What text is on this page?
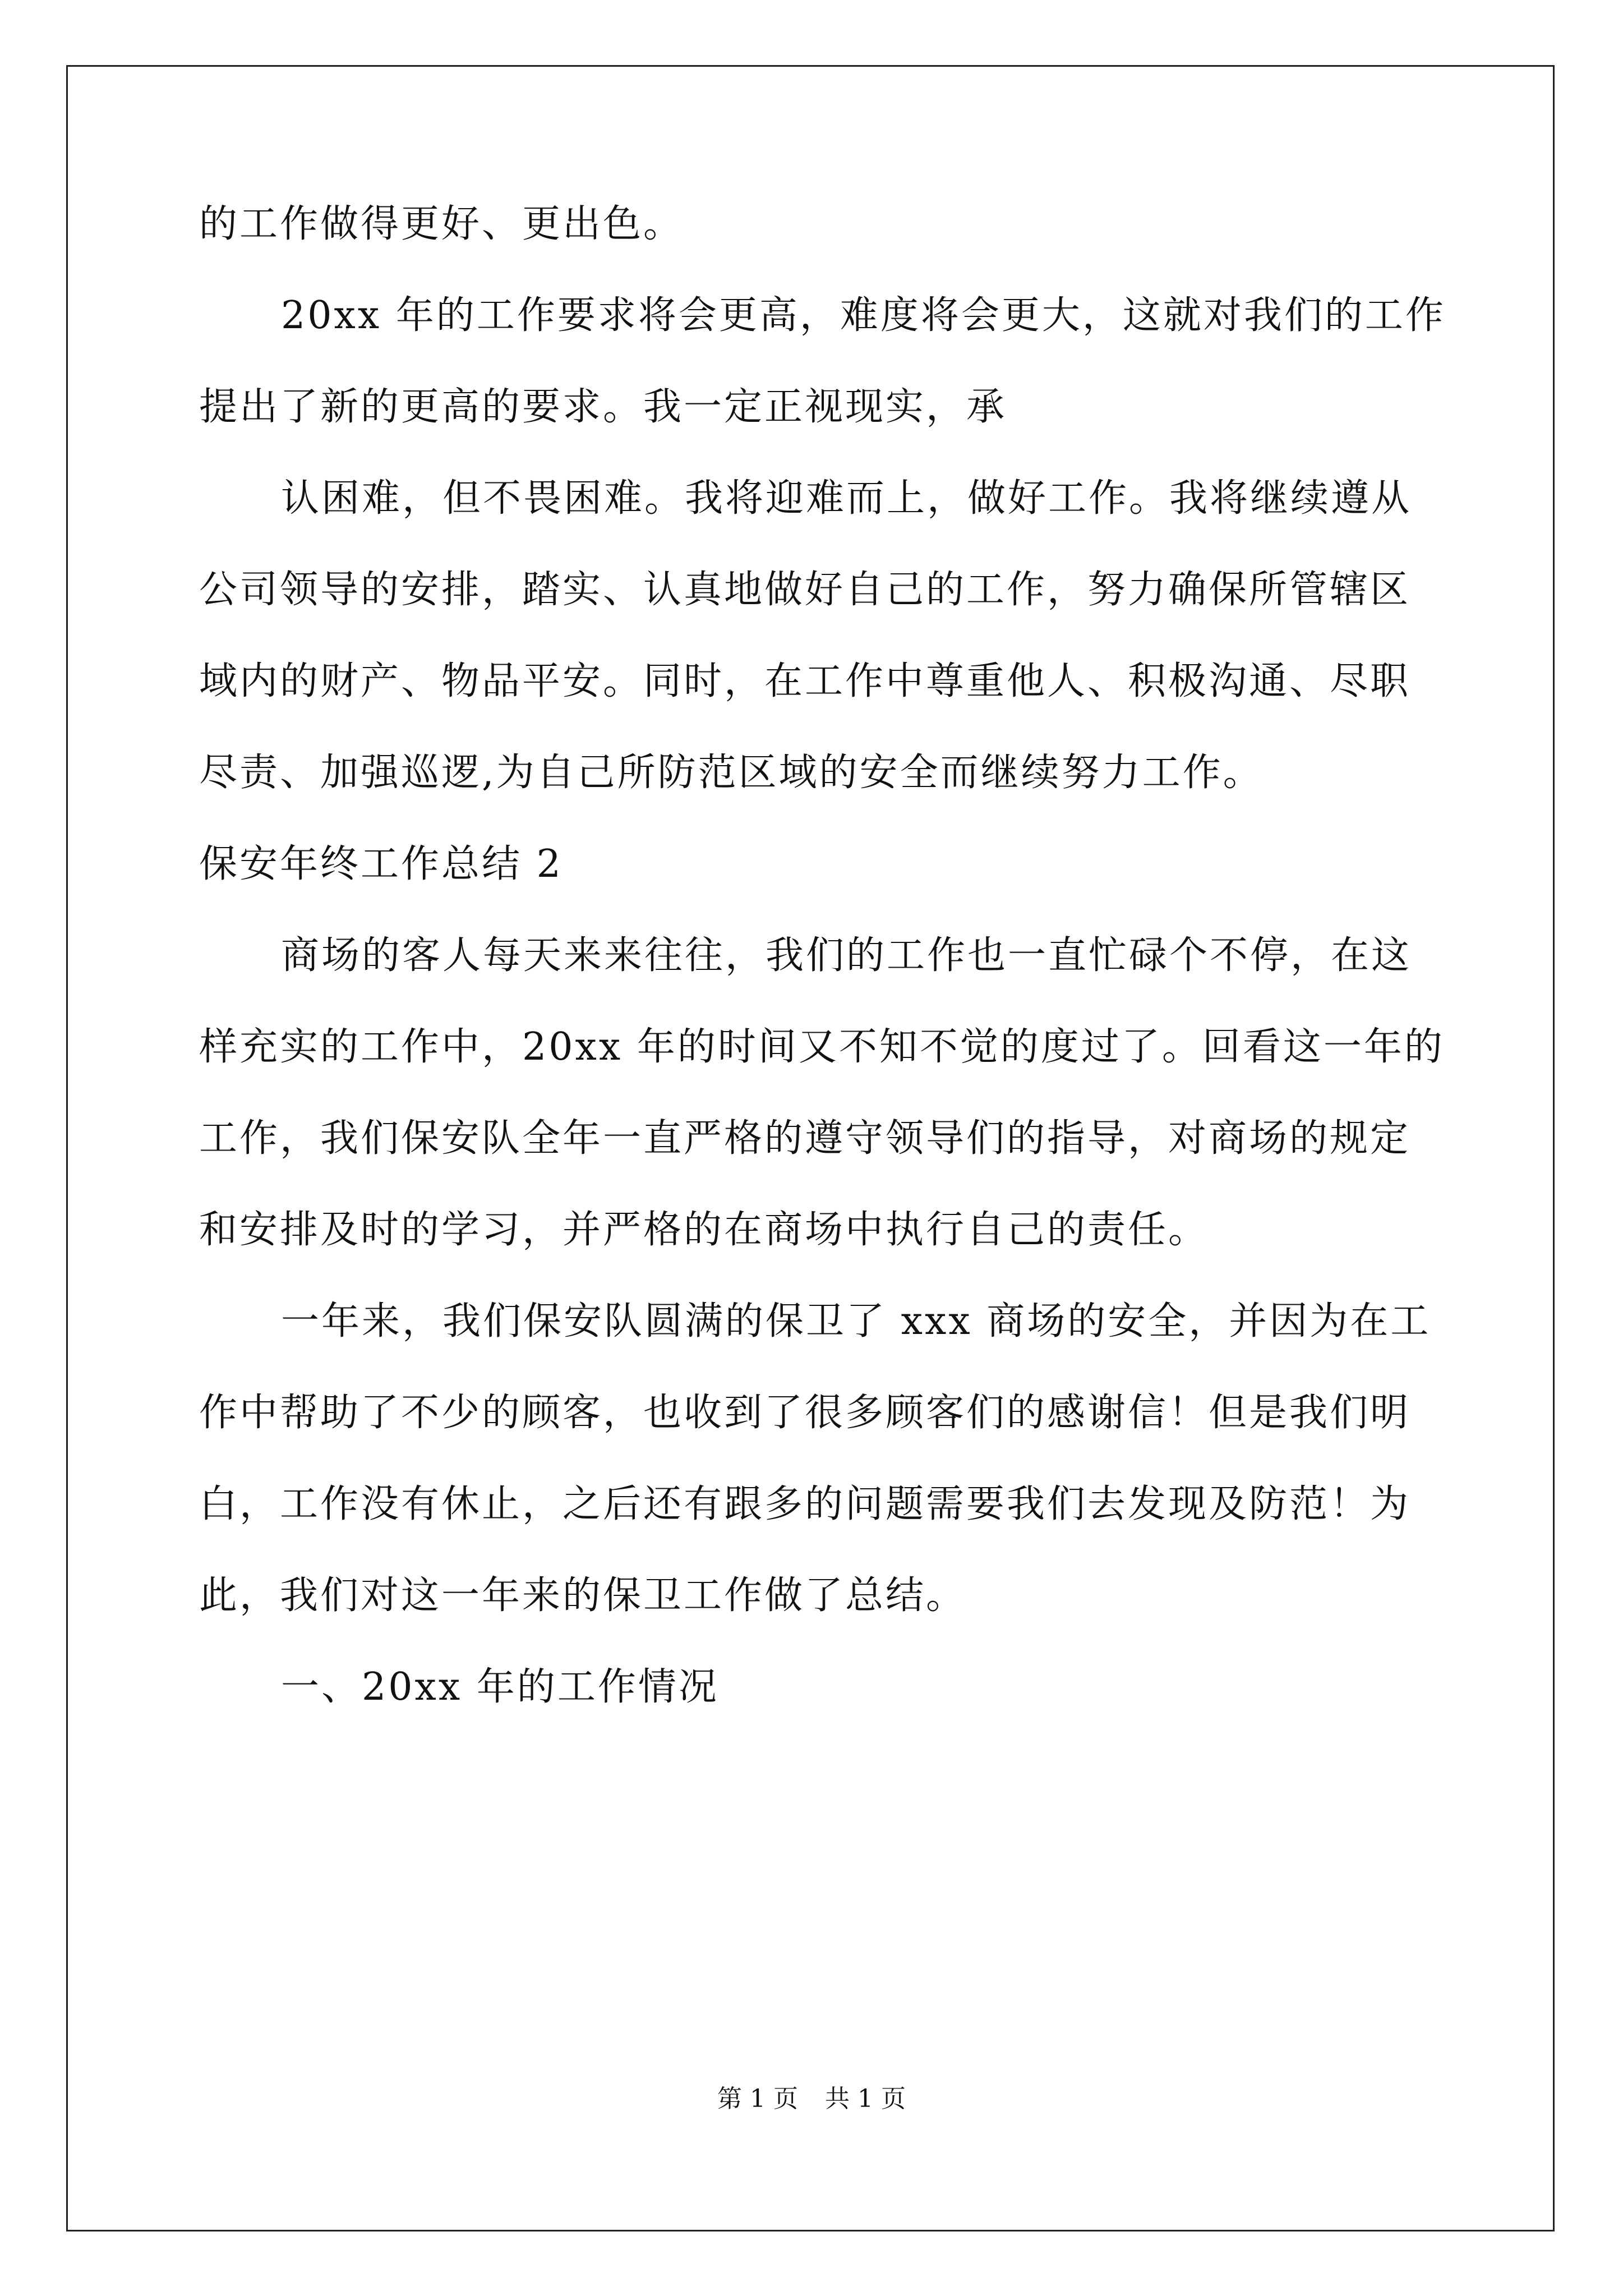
的工作做得更好、更出色。
20xx 年的工作要求将会更高，难度将会更大，这就对我们的工作
提出了新的更高的要求。我一定正视现实，承
认困难，但不畏困难。我将迎难而上，做好工作。我将继续遵从
公司领导的安排，踏实、认真地做好自己的工作，努力确保所管辖区
域内的财产、物品平安。同时，在工作中尊重他人、积极沟通、尽职
尽责、加强巡逻,为自己所防范区域的安全而继续努力工作。
保安年终工作总结 2
商场的客人每天来来往往，我们的工作也一直忙碌个不停，在这
样充实的工作中，20xx 年的时间又不知不觉的度过了。回看这一年的
工作，我们保安队全年一直严格的遵守领导们的指导，对商场的规定
和安排及时的学习，并严格的在商场中执行自己的责任。
一年来，我们保安队圆满的保卫了 xxx 商场的安全，并因为在工
作中帮助了不少的顾客，也收到了很多顾客们的感谢信！但是我们明
白，工作没有休止，之后还有跟多的问题需要我们去发现及防范！为
此，我们对这一年来的保卫工作做了总结。
一、20xx 年的工作情况
第 1 页 共 1 页
